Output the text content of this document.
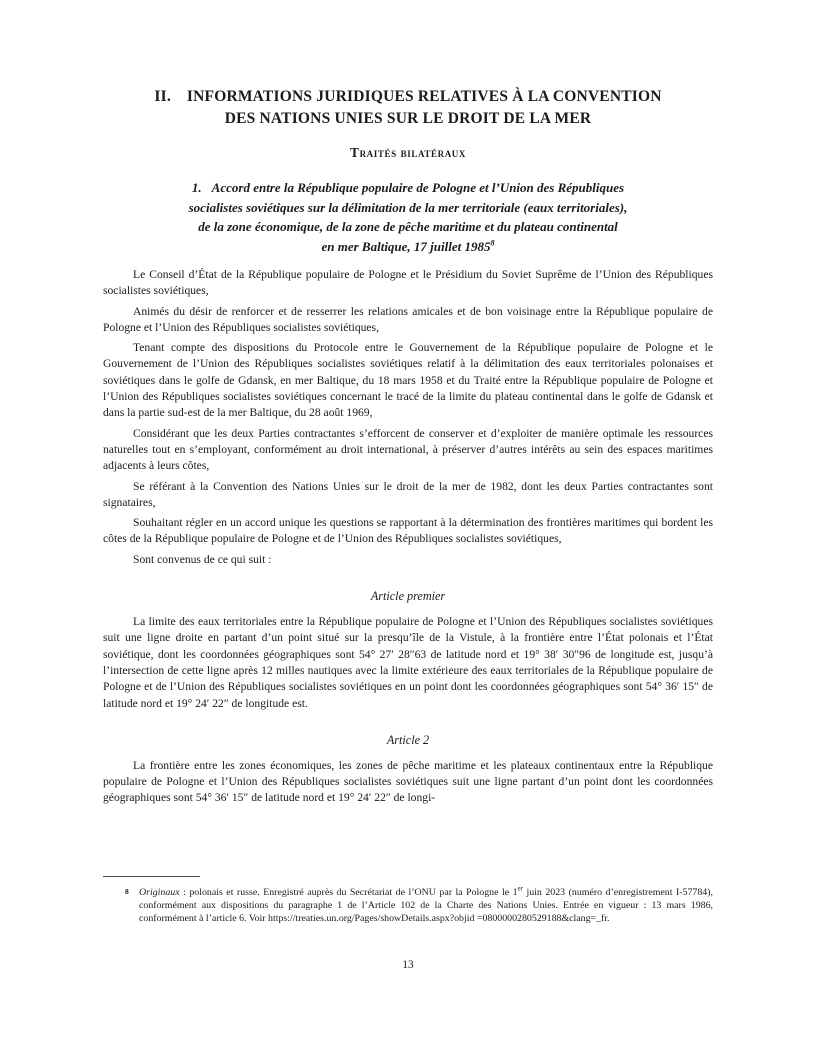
II. INFORMATIONS JURIDIQUES RELATIVES À LA CONVENTION
DES NATIONS UNIES SUR LE DROIT DE LA MER
Traités bilatéraux
1. Accord entre la République populaire de Pologne et l’Union des Républiques
socialistes soviétiques sur la délimitation de la mer territoriale (eaux territoriales),
de la zone économique, de la zone de pêche maritime et du plateau continental
en mer Baltique, 17 juillet 1985$^8$

Le Conseil d’État de la République populaire de Pologne et le Présidium du Soviet Suprême de l’Union des Républiques socialistes soviétiques,

Animés du désir de renforcer et de resserrer les relations amicales et de bon voisinage entre la République populaire de Pologne et l’Union des Républiques socialistes soviétiques,

Tenant compte des dispositions du Protocole entre le Gouvernement de la République populaire de Pologne et le Gouvernement de l’Union des Républiques socialistes soviétiques relatif à la délimitation des eaux territoriales polonaises et soviétiques dans le golfe de Gdansk, en mer Baltique, du 18 mars 1958 et du Traité entre la République populaire de Pologne et l’Union des Républiques socialistes soviétiques concernant le tracé de la limite du plateau continental dans le golfe de Gdansk et dans la partie sud-est de la mer Baltique, du 28 août 1969,

Considérant que les deux Parties contractantes s’efforcent de conserver et d’exploiter de manière optimale les ressources naturelles tout en s’employant, conformément au droit international, à préserver d’autres intérêts au sein des espaces maritimes adjacents à leurs côtes,

Se référant à la Convention des Nations Unies sur le droit de la mer de 1982, dont les deux Parties contractantes sont signataires,

Souhaitant régler en un accord unique les questions se rapportant à la détermination des frontières maritimes qui bordent les côtes de la République populaire de Pologne et de l’Union des Républiques socialistes soviétiques,

Sont convenus de ce qui suit :

Article premier

La limite des eaux territoriales entre la République populaire de Pologne et l’Union des Républiques socialistes soviétiques suit une ligne droite en partant d’un point situé sur la presqu’île de la Vistule, à la frontière entre l’État polonais et l’État soviétique, dont les coordonnées géographiques sont 54° 27′ 28″63 de latitude nord et 19° 38′ 30″96 de longitude est, jusqu’à l’intersection de cette ligne après 12 milles nautiques avec la limite extérieure des eaux territoriales de la République populaire de Pologne et de l’Union des Républiques socialistes soviétiques en un point dont les coordonnées géographiques sont 54° 36′ 15″ de latitude nord et 19° 24′ 22″ de longitude est.

Article 2

La frontière entre les zones économiques, les zones de pêche maritime et les plateaux continentaux entre la République populaire de Pologne et l’Union des Républiques socialistes soviétiques suit une ligne partant d’un point dont les coordonnées géographiques sont 54° 36′ 15″ de latitude nord et 19° 24′ 22″ de longi-

8	Originaux : polonais et russe. Enregistré auprès du Secrétariat de l’ONU par la Pologne le 1er juin 2023 (numéro d’enregistrement I-57784), conformément aux dispositions du paragraphe 1 de l’Article 102 de la Charte des Nations Unies. Entrée en vigueur : 13 mars 1986, conformément à l’article 6. Voir https://treaties.un.org/Pages/showDetails.aspx?objid =0800000280529188&clang=_fr.
13
